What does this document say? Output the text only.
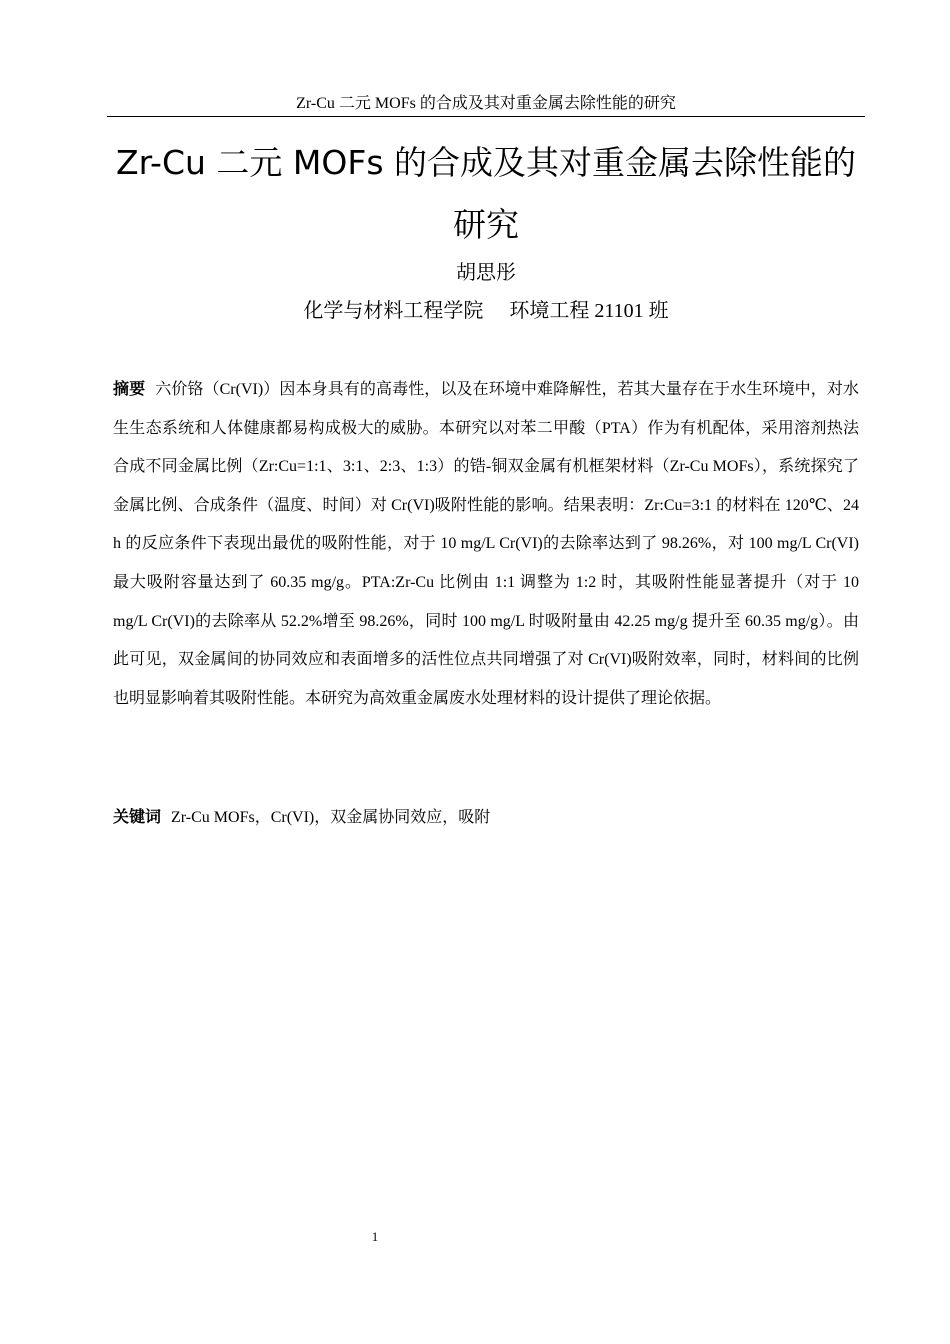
Zr-Cu 二元 MOFs 的合成及其对重金属去除性能的研究
Zr-Cu 二元 MOFs 的合成及其对重金属去除性能的研究
胡思彤
化学与材料工程学院 环境工程 21101 班

摘要 六价铬（Cr(VI)）因本身具有的高毒性，以及在环境中难降解性，若其大量存在于水生环境中，对水生生态系统和人体健康都易构成极大的威胁。本研究以对苯二甲酸（PTA）作为有机配体，采用溶剂热法合成不同金属比例（Zr:Cu=1:1、3:1、2:3、1:3）的锆-铜双金属有机框架材料（Zr-Cu MOFs），系统探究了金属比例、合成条件（温度、时间）对 Cr(VI)吸附性能的影响。结果表明：Zr:Cu=3:1 的材料在 120℃、24 h 的反应条件下表现出最优的吸附性能，对于 10 mg/L Cr(VI)的去除率达到了 98.26%，对 100 mg/L Cr(VI) 最大吸附容量达到了 60.35 mg/g。PTA:Zr-Cu 比例由 1:1 调整为 1:2 时，其吸附性能显著提升（对于 10 mg/L Cr(VI)的去除率从 52.2%增至 98.26%，同时 100 mg/L 时吸附量由 42.25 mg/g 提升至 60.35 mg/g）。由此可见，双金属间的协同效应和表面增多的活性位点共同增强了对 Cr(VI)吸附效率，同时，材料间的比例也明显影响着其吸附性能。本研究为高效重金属废水处理材料的设计提供了理论依据。

关键词 Zr-Cu MOFs，Cr(VI)，双金属协同效应，吸附

1
